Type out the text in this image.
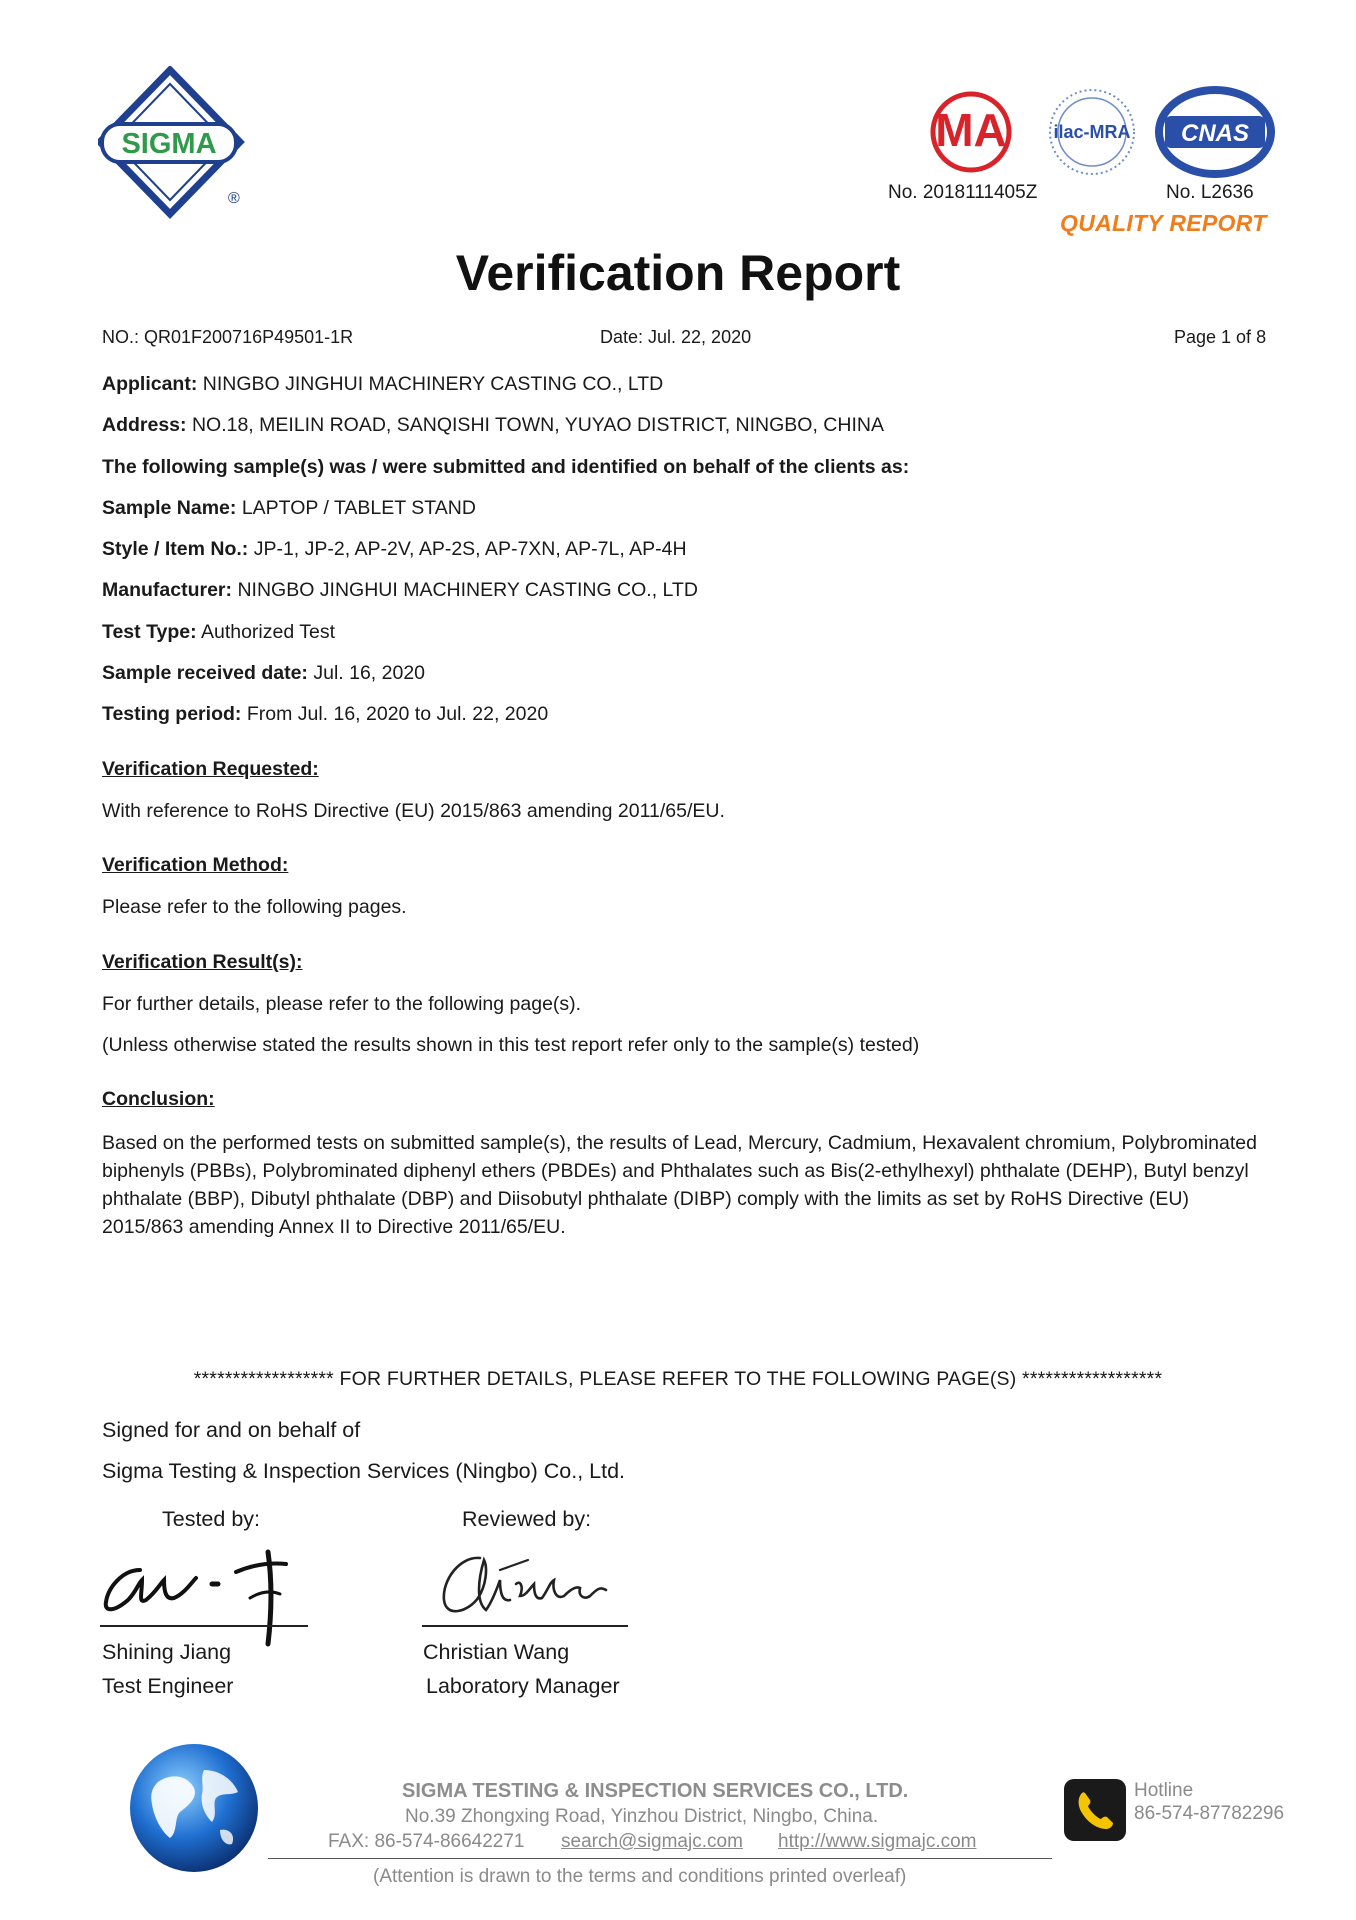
SIGMA
®
MA	ilac-MRA CNAS
No. 2018111405Z	No. L2636
QUALITY REPORT
Verification Report
NO.: QR01F200716P49501-1R	Date: Jul. 22, 2020	Page 1 of 8
Applicant: NINGBO JINGHUI MACHINERY CASTING CO., LTD
Address: NO.18, MEILIN ROAD, SANQISHI TOWN, YUYAO DISTRICT, NINGBO, CHINA
The following sample(s) was / were submitted and identified on behalf of the clients as:
Sample Name: LAPTOP / TABLET STAND
Style / Item No.: JP-1, JP-2, AP-2V, AP-2S, AP-7XN, AP-7L, AP-4H
Manufacturer: NINGBO JINGHUI MACHINERY CASTING CO., LTD
Test Type: Authorized Test
Sample received date: Jul. 16, 2020
Testing period: From Jul. 16, 2020 to Jul. 22, 2020
Verification Requested:
With reference to RoHS Directive (EU) 2015/863 amending 2011/65/EU.
Verification Method:
Please refer to the following pages.
Verification Result(s):
For further details, please refer to the following page(s).
(Unless otherwise stated the results shown in this test report refer only to the sample(s) tested)
Conclusion:
Based on the performed tests on submitted sample(s), the results of Lead, Mercury, Cadmium, Hexavalent chromium, Polybrominated biphenyls (PBBs), Polybrominated diphenyl ethers (PBDEs) and Phthalates such as Bis(2-ethylhexyl) phthalate (DEHP), Butyl benzyl phthalate (BBP), Dibutyl phthalate (DBP) and Diisobutyl phthalate (DIBP) comply with the limits as set by RoHS Directive (EU) 2015/863 amending Annex II to Directive 2011/65/EU.
****************** FOR FURTHER DETAILS, PLEASE REFER TO THE FOLLOWING PAGE(S) ******************
Signed for and on behalf of
Sigma Testing & Inspection Services (Ningbo) Co., Ltd.
Tested by:	Reviewed by:
Shining Jiang
Test Engineer
Christian Wang
Laboratory Manager
SIGMA TESTING & INSPECTION SERVICES CO., LTD.
No.39 Zhongxing Road, Yinzhou District, Ningbo, China.
FAX: 86-574-86642271 search@sigmajc.com http://www.sigmajc.com
(Attention is drawn to the terms and conditions printed overleaf)
Hotline
86-574-87782296
